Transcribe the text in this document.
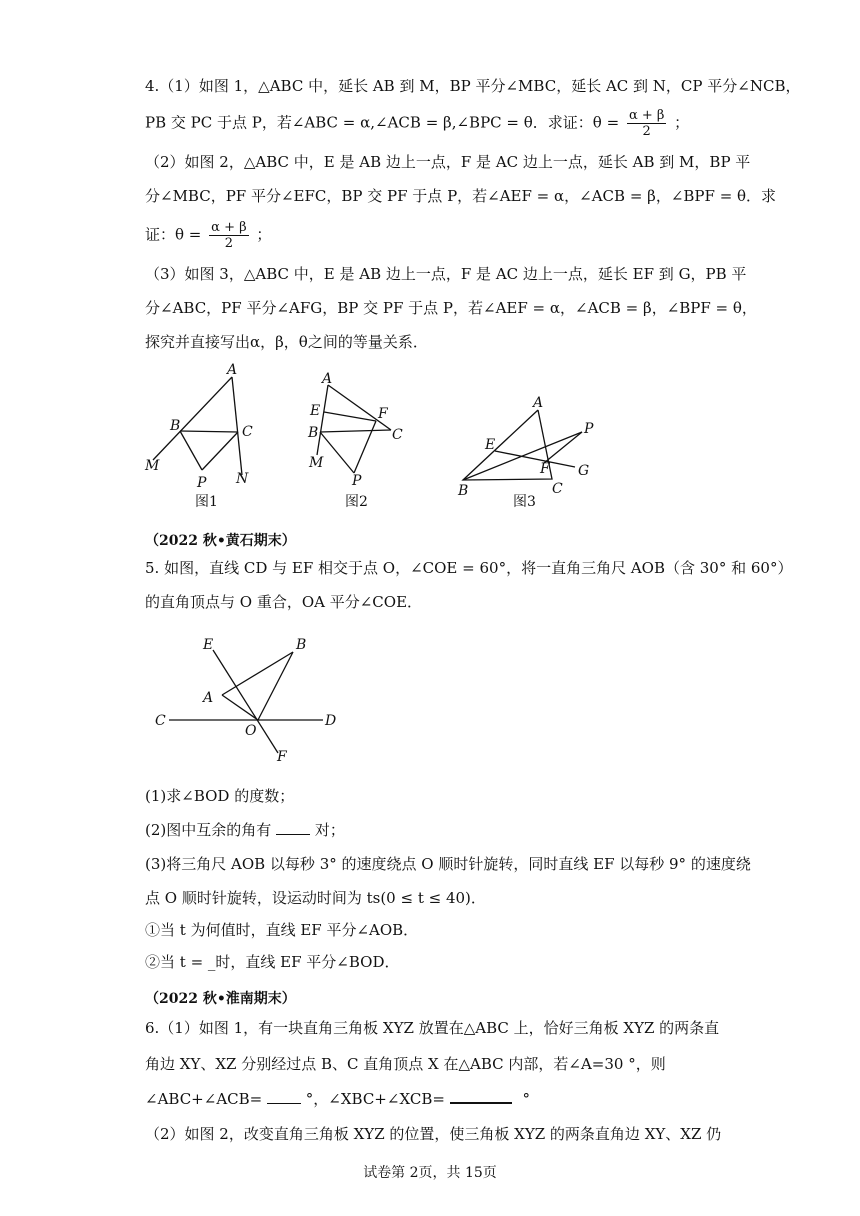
4.（1）如图 1，△ABC 中，延长 AB 到 M，BP 平分∠MBC，延长 AC 到 N，CP 平分∠NCB，
PB 交 PC 于点 P，若∠ABC = α,∠ACB = β,∠BPC = θ．求证：$\theta = \frac{\alpha + \beta}{2}$ ；
（2）如图 2，△ABC 中，E 是 AB 边上一点，F 是 AC 边上一点，延长 AB 到 M，BP 平
分∠MBC，PF 平分∠EFC，BP 交 PF 于点 P，若∠AEF = α，∠ACB = β，∠BPF = θ．求
证：$\theta = \frac{\alpha + \beta}{2}$ ；
（3）如图 3，△ABC 中，E 是 AB 边上一点，F 是 AC 边上一点，延长 EF 到 G，PB 平
分∠ABC，PF 平分∠AFG，BP 交 PF 于点 P，若∠AEF = α，∠ACB = β，∠BPF = θ，
探究并直接写出α，β，θ之间的等量关系．
A
B	C
M
N
P
图1
A
E	F
B	C
M
P
图2
A
P
E
F G
B	C
图3
（2022 秋•黄石期末）
5. 如图，直线 CD 与 EF 相交于点 O，∠COE = 60°，将一直角三角尺 AOB（含 30° 和 60°）
的直角顶点与 O 重合，OA 平分∠COE．
E	B
A
C
O
D
F
(1)求∠BOD 的度数；
(2)图中互余的角有	对；
(3)将三角尺 AOB 以每秒 3° 的速度绕点 O 顺时针旋转，同时直线 EF 以每秒 9° 的速度绕
点 O 顺时针旋转，设运动时间为 ts(0 ≤ t ≤ 40)．
①当 t 为何值时，直线 EF 平分∠AOB．
②当 t = _时，直线 EF 平分∠BOD．
（2022 秋•淮南期末）
6.（1）如图 1，有一块直角三角板 XYZ 放置在△ABC 上，恰好三角板 XYZ 的两条直
角边 XY、XZ 分别经过点 B、C 直角顶点 X 在△ABC 内部，若∠A=30 °，则
∠ABC+∠ACB=	°，∠XBC+∠XCB=	°
（2）如图 2，改变直角三角板 XYZ 的位置，使三角板 XYZ 的两条直角边 XY、XZ 仍
试卷第 2页，共 15页
